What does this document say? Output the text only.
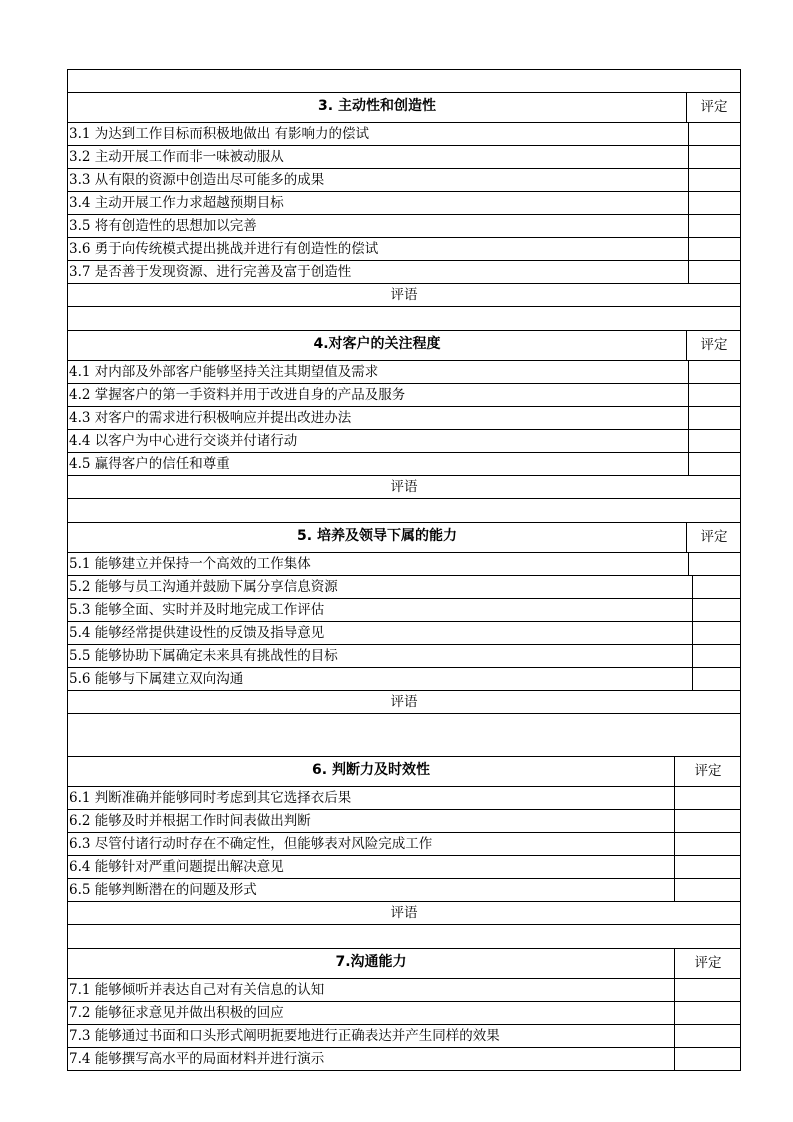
3. 主动性和创造性	评定
3.1 为达到工作目标而积极地做出 有影响力的偿试
3.2 主动开展工作而非一味被动服从
3.3 从有限的资源中创造出尽可能多的成果
3.4 主动开展工作力求超越预期目标
3.5 将有创造性的思想加以完善
3.6 勇于向传统模式提出挑战并进行有创造性的偿试
3.7 是否善于发现资源、进行完善及富于创造性
评语
4.对客户的关注程度	评定
4.1 对内部及外部客户能够坚持关注其期望值及需求
4.2 掌握客户的第一手资料并用于改进自身的产品及服务
4.3 对客户的需求进行积极响应并提出改进办法
4.4 以客户为中心进行交谈并付诸行动
4.5 赢得客户的信任和尊重
评语
5. 培养及领导下属的能力	评定
5.1 能够建立并保持一个高效的工作集体
5.2 能够与员工沟通并鼓励下属分享信息资源
5.3 能够全面、实时并及时地完成工作评估
5.4 能够经常提供建设性的反馈及指导意见
5.5 能够协助下属确定未来具有挑战性的目标
5.6 能够与下属建立双向沟通
评语
6. 判断力及时效性	评定
6.1 判断准确并能够同时考虑到其它选择衣后果
6.2 能够及时并根据工作时间表做出判断
6.3 尽管付诸行动时存在不确定性，但能够表对风险完成工作
6.4 能够针对严重问题提出解决意见
6.5 能够判断潜在的问题及形式
评语
7.沟通能力	评定
7.1 能够倾听并表达自己对有关信息的认知
7.2 能够征求意见并做出积极的回应
7.3 能够通过书面和口头形式阐明扼要地进行正确表达并产生同样的效果
7.4 能够撰写高水平的局面材料并进行演示
